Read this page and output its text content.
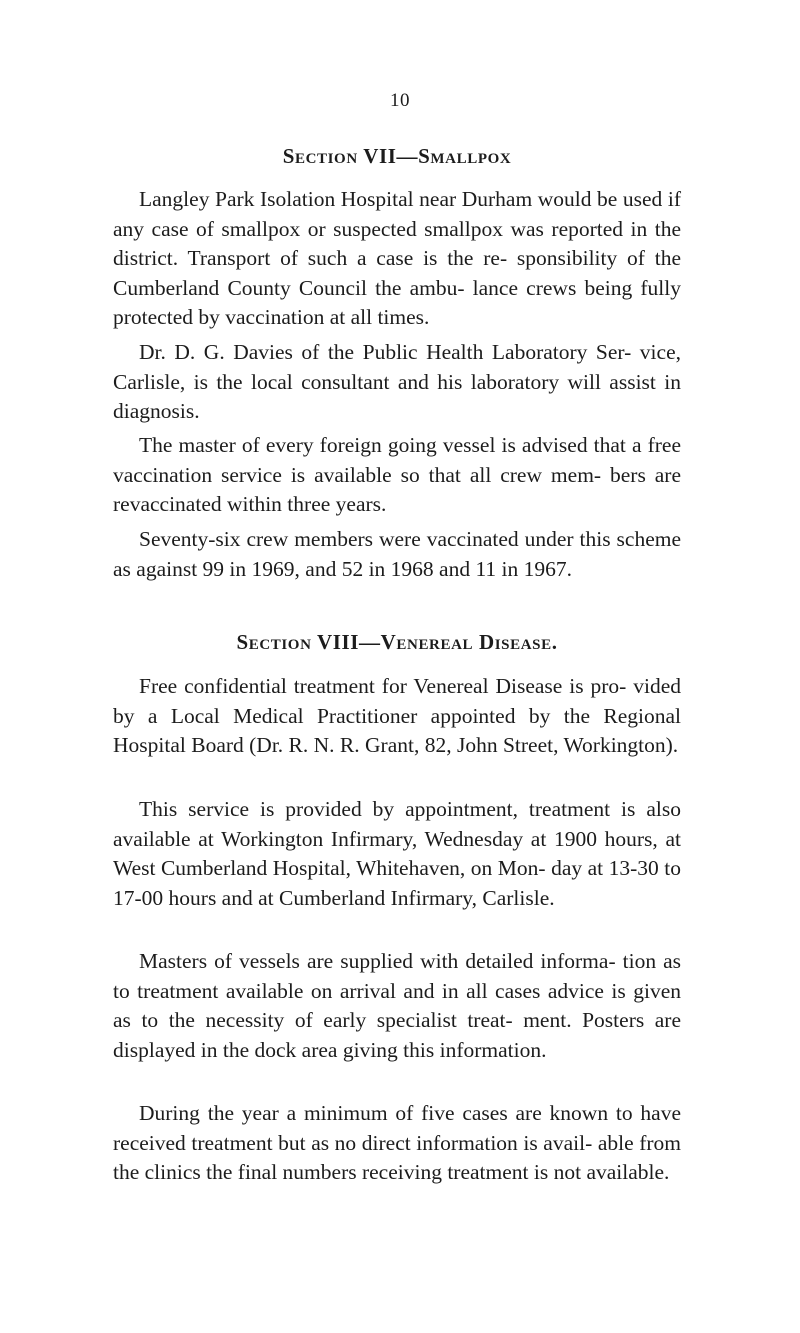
10
Section VII—Smallpox

Langley Park Isolation Hospital near Durham would be used if any case of smallpox or suspected smallpox was reported in the district. Transport of such a case is the re- sponsibility of the Cumberland County Council the ambu- lance crews being fully protected by vaccination at all times.

Dr. D. G. Davies of the Public Health Laboratory Ser- vice, Carlisle, is the local consultant and his laboratory will assist in diagnosis.

The master of every foreign going vessel is advised that a free vaccination service is available so that all crew mem- bers are revaccinated within three years.

Seventy-six crew members were vaccinated under this scheme as against 99 in 1969, and 52 in 1968 and 11 in 1967.

Section VIII—Venereal Disease.

Free confidential treatment for Venereal Disease is pro- vided by a Local Medical Practitioner appointed by the Regional Hospital Board (Dr. R. N. R. Grant, 82, John Street, Workington).

This service is provided by appointment, treatment is also available at Workington Infirmary, Wednesday at 1900 hours, at West Cumberland Hospital, Whitehaven, on Mon- day at 13-30 to 17-00 hours and at Cumberland Infirmary, Carlisle.

Masters of vessels are supplied with detailed informa- tion as to treatment available on arrival and in all cases advice is given as to the necessity of early specialist treat- ment. Posters are displayed in the dock area giving this information.

During the year a minimum of five cases are known to have received treatment but as no direct information is avail- able from the clinics the final numbers receiving treatment is not available.
